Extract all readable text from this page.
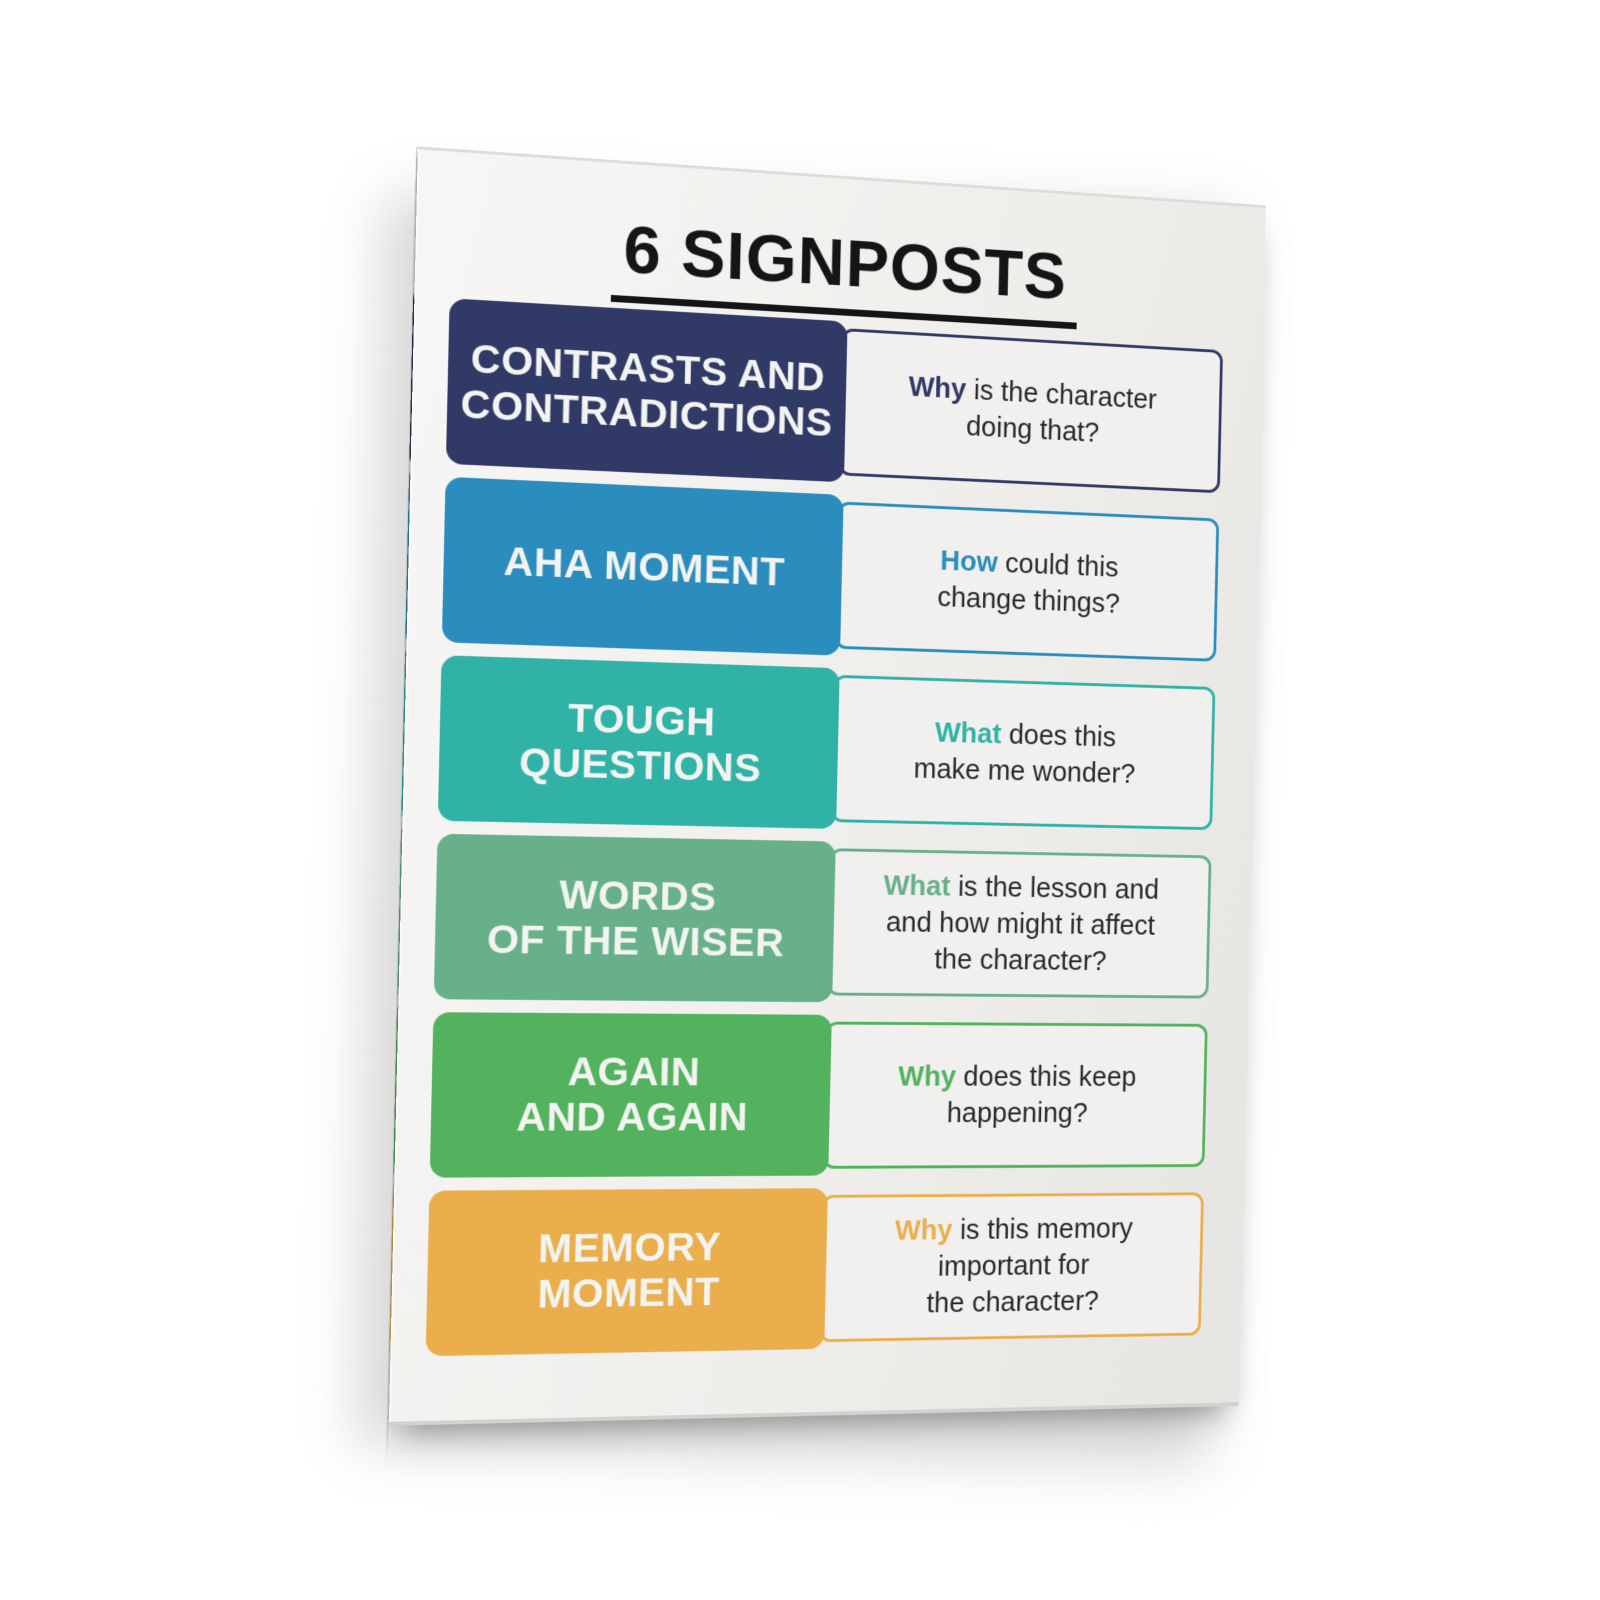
6 SIGNPOSTS
CONTRASTS AND
CONTRADICTIONS	Why is the character
doing that?
AHA MOMENT	How could this
change things?
TOUGH
QUESTIONS
What does this
make me wonder?
WORDS
OF THE WISER
What is the lesson and
and how might it affect
the character?
AGAIN
AND AGAIN
Why does this keep
happening?
MEMORY
MOMENT
Why is this memory
important for
the character?
